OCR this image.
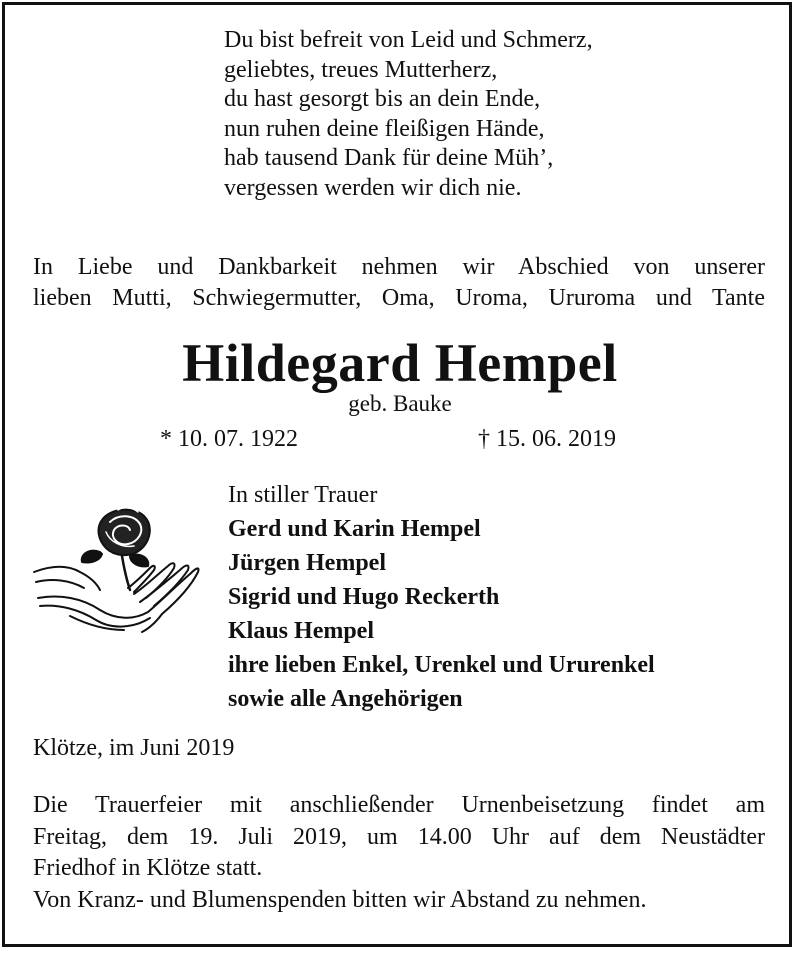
Du bist befreit von Leid und Schmerz,
geliebtes, treues Mutterherz,
du hast gesorgt bis an dein Ende,
nun ruhen deine fleißigen Hände,
hab tausend Dank für deine Müh’,
vergessen werden wir dich nie.
In Liebe und Dankbarkeit nehmen wir Abschied von unserer
lieben Mutti, Schwiegermutter, Oma, Uroma, Ururoma und Tante
Hildegard Hempel
geb. Bauke
* 10. 07. 1922	† 15. 06. 2019
In stiller Trauer
Gerd und Karin Hempel
Jürgen Hempel
Sigrid und Hugo Reckerth
Klaus Hempel
ihre lieben Enkel, Urenkel und Ururenkel
sowie alle Angehörigen
Klötze, im Juni 2019
Die Trauerfeier mit anschließender Urnenbeisetzung findet am
Freitag, dem 19. Juli 2019, um 14.00 Uhr auf dem Neustädter
Friedhof in Klötze statt.
Von Kranz- und Blumenspenden bitten wir Abstand zu nehmen.
